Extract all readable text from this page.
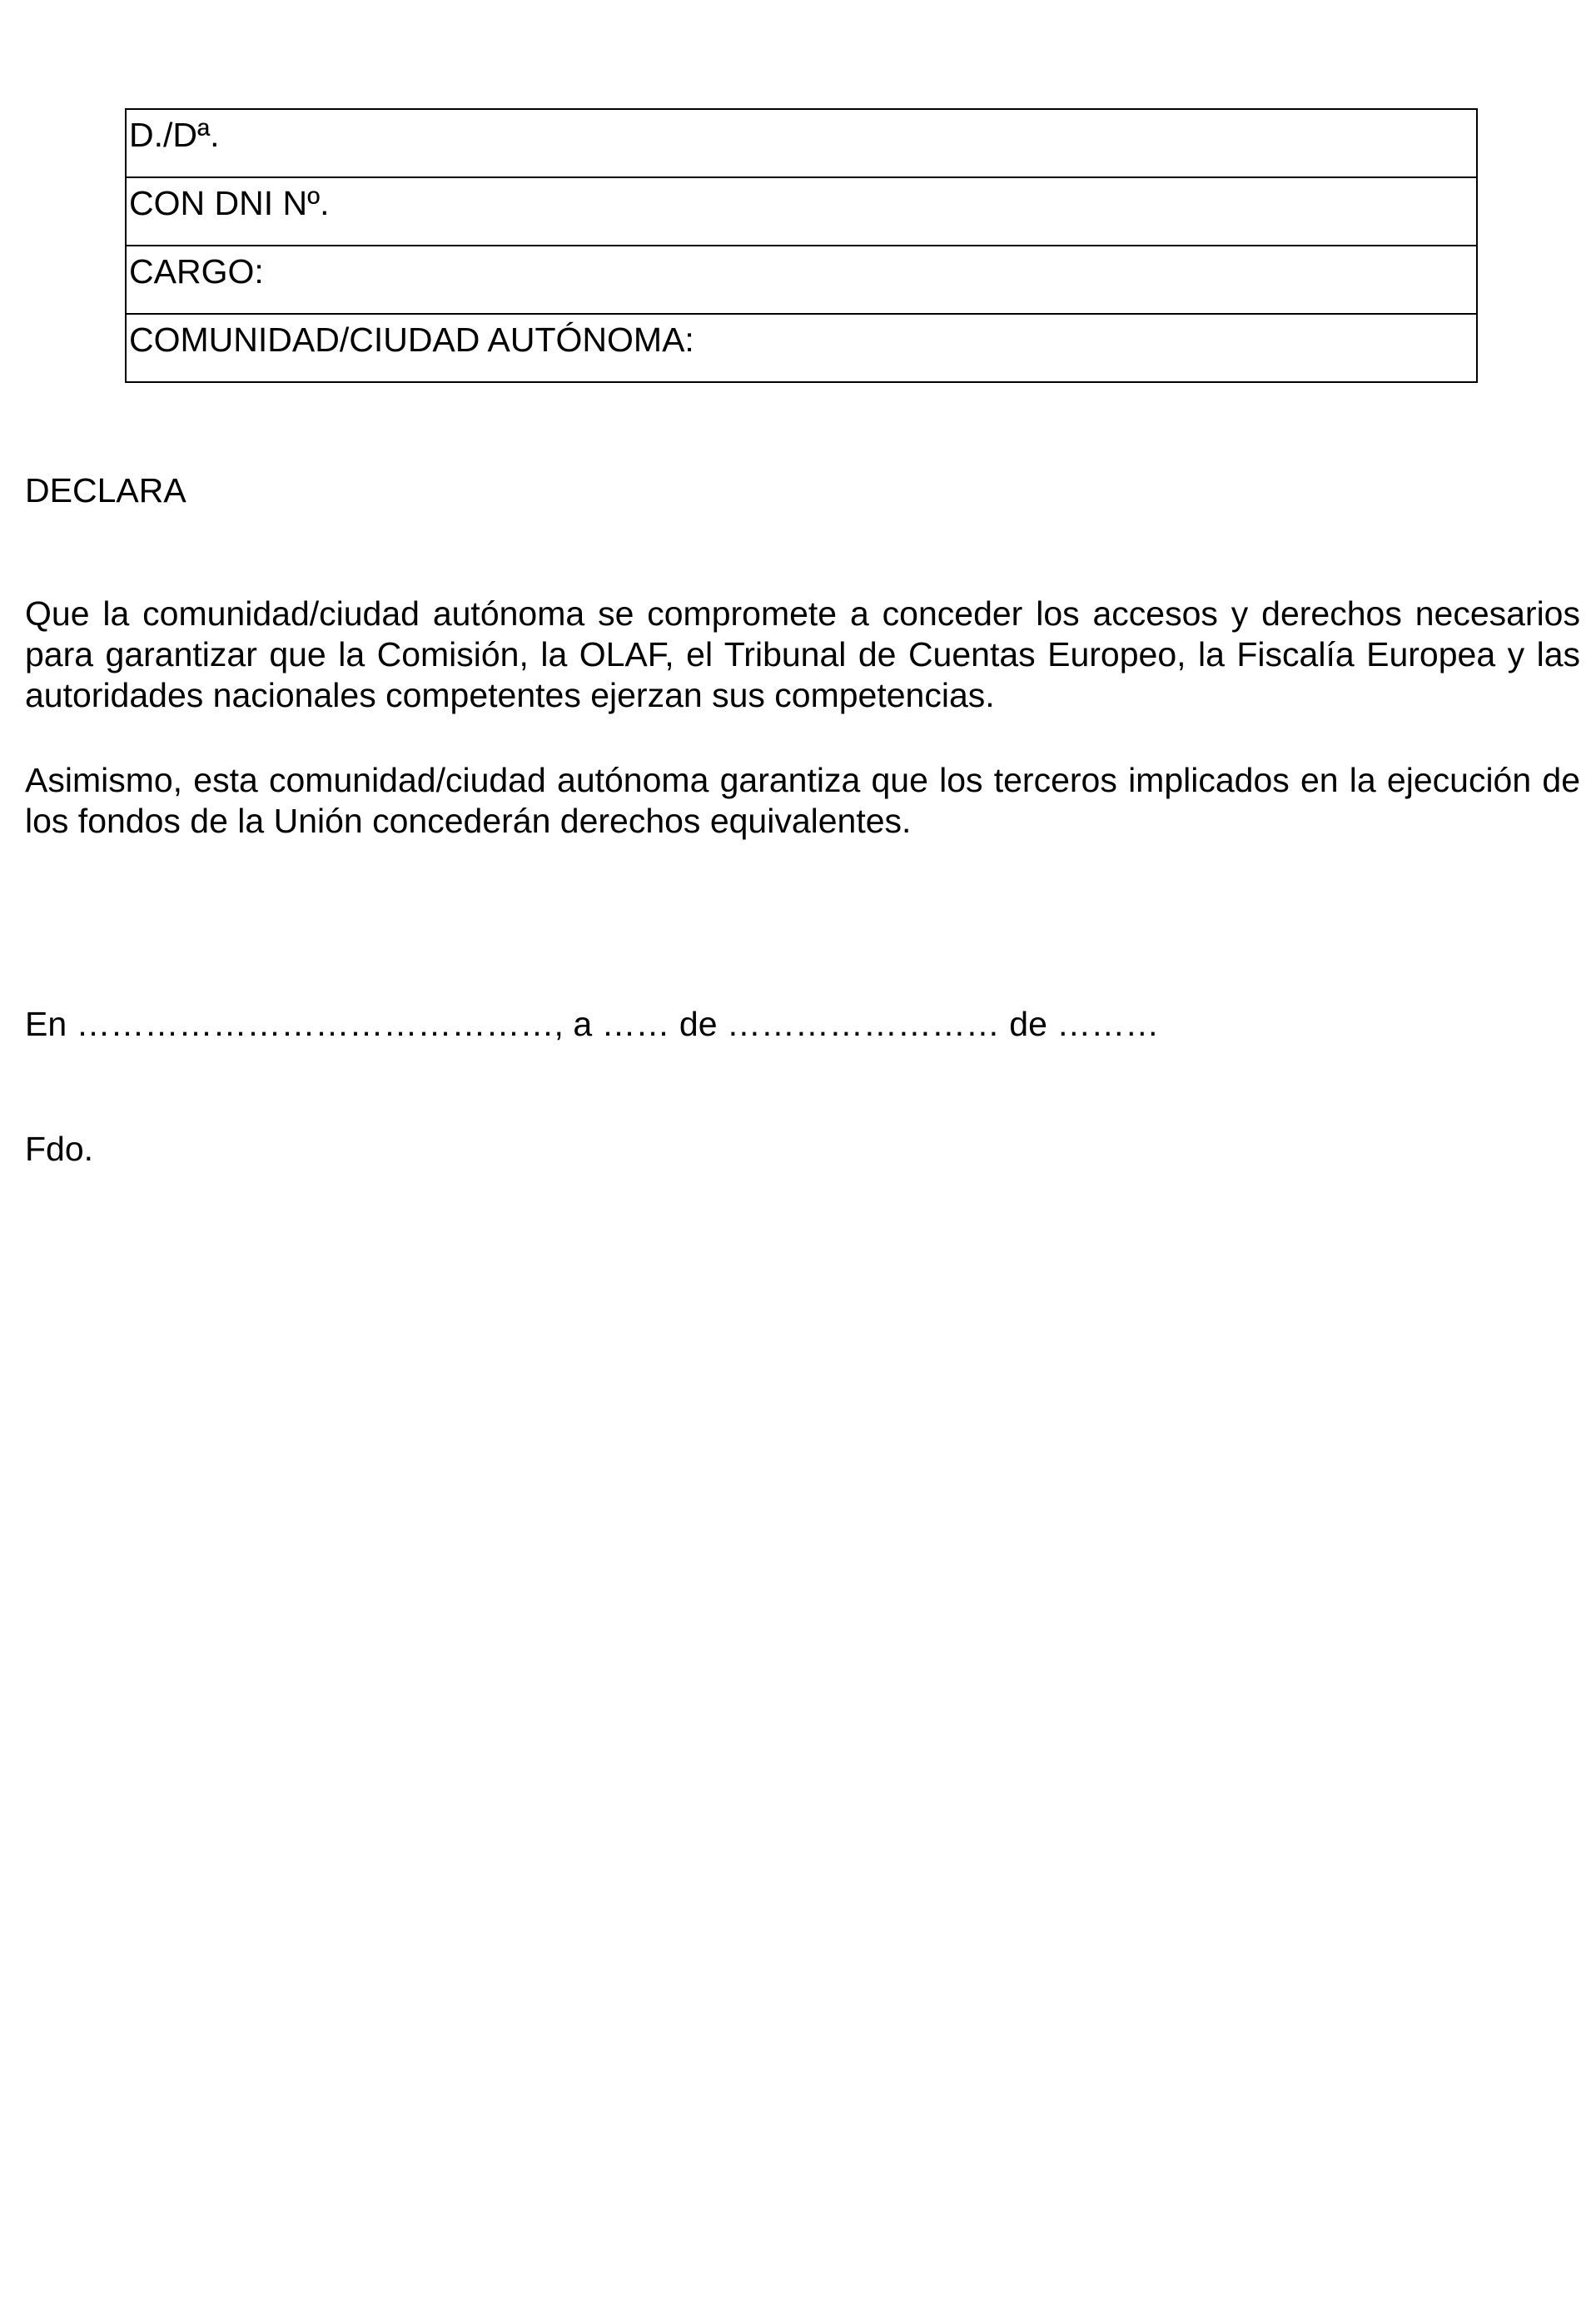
D./Dª.

CON DNI Nº.

CARGO:

COMUNIDAD/CIUDAD AUTÓNOMA:

DECLARA

Que la comunidad/ciudad autónoma se compromete a conceder los accesos y derechos necesarios para garantizar que la Comisión, la OLAF, el Tribunal de Cuentas Europeo, la Fiscalía Europea y las autoridades nacionales competentes ejerzan sus competencias.

Asimismo, esta comunidad/ciudad autónoma garantiza que los terceros implicados en la ejecución de los fondos de la Unión concederán derechos equivalentes.

En ……………………………………, a …… de …………………… de ………

Fdo.
